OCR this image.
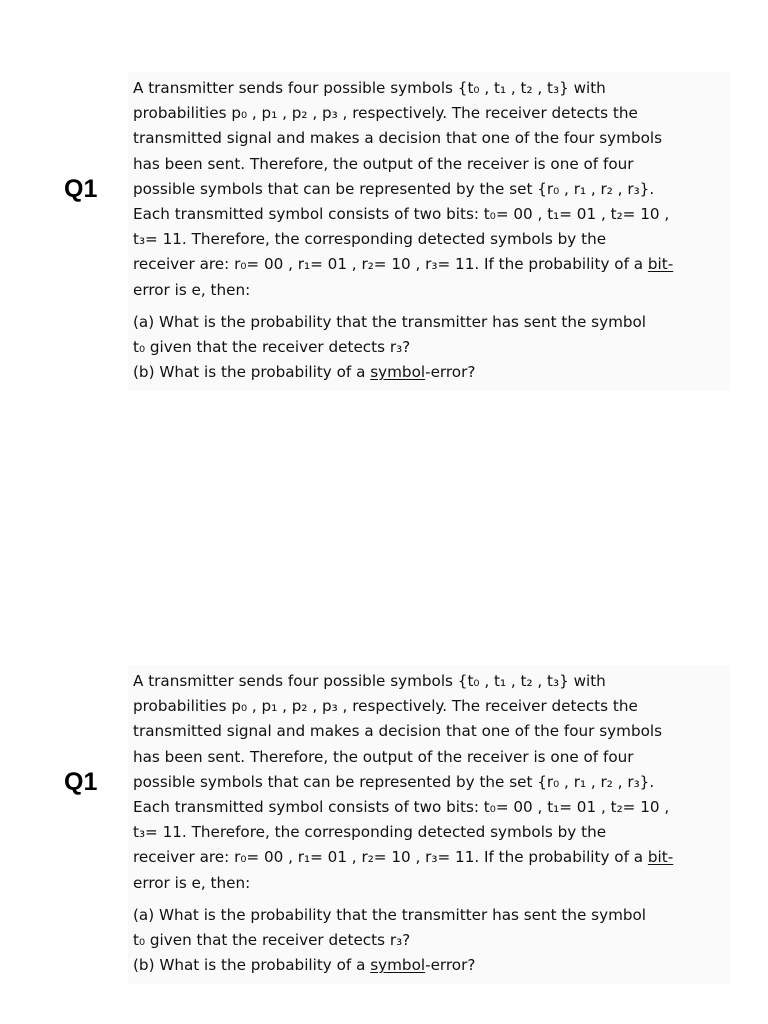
Q1
A transmitter sends four possible symbols {t₀ , t₁ , t₂ , t₃} with
probabilities p₀ , p₁ , p₂ , p₃ , respectively. The receiver detects the
transmitted signal and makes a decision that one of the four symbols
has been sent. Therefore, the output of the receiver is one of four
possible symbols that can be represented by the set {r₀ , r₁ , r₂ , r₃}.
Each transmitted symbol consists of two bits: t₀= 00 , t₁= 01 , t₂= 10 ,
t₃= 11. Therefore, the corresponding detected symbols by the
receiver are: r₀= 00 , r₁= 01 , r₂= 10 , r₃= 11. If the probability of a bit-
error is e, then:
(a) What is the probability that the transmitter has sent the symbol
t₀ given that the receiver detects r₃?
(b) What is the probability of a symbol-error?
Q1
A transmitter sends four possible symbols {t₀ , t₁ , t₂ , t₃} with
probabilities p₀ , p₁ , p₂ , p₃ , respectively. The receiver detects the
transmitted signal and makes a decision that one of the four symbols
has been sent. Therefore, the output of the receiver is one of four
possible symbols that can be represented by the set {r₀ , r₁ , r₂ , r₃}.
Each transmitted symbol consists of two bits: t₀= 00 , t₁= 01 , t₂= 10 ,
t₃= 11. Therefore, the corresponding detected symbols by the
receiver are: r₀= 00 , r₁= 01 , r₂= 10 , r₃= 11. If the probability of a bit-
error is e, then:
(a) What is the probability that the transmitter has sent the symbol
t₀ given that the receiver detects r₃?
(b) What is the probability of a symbol-error?
